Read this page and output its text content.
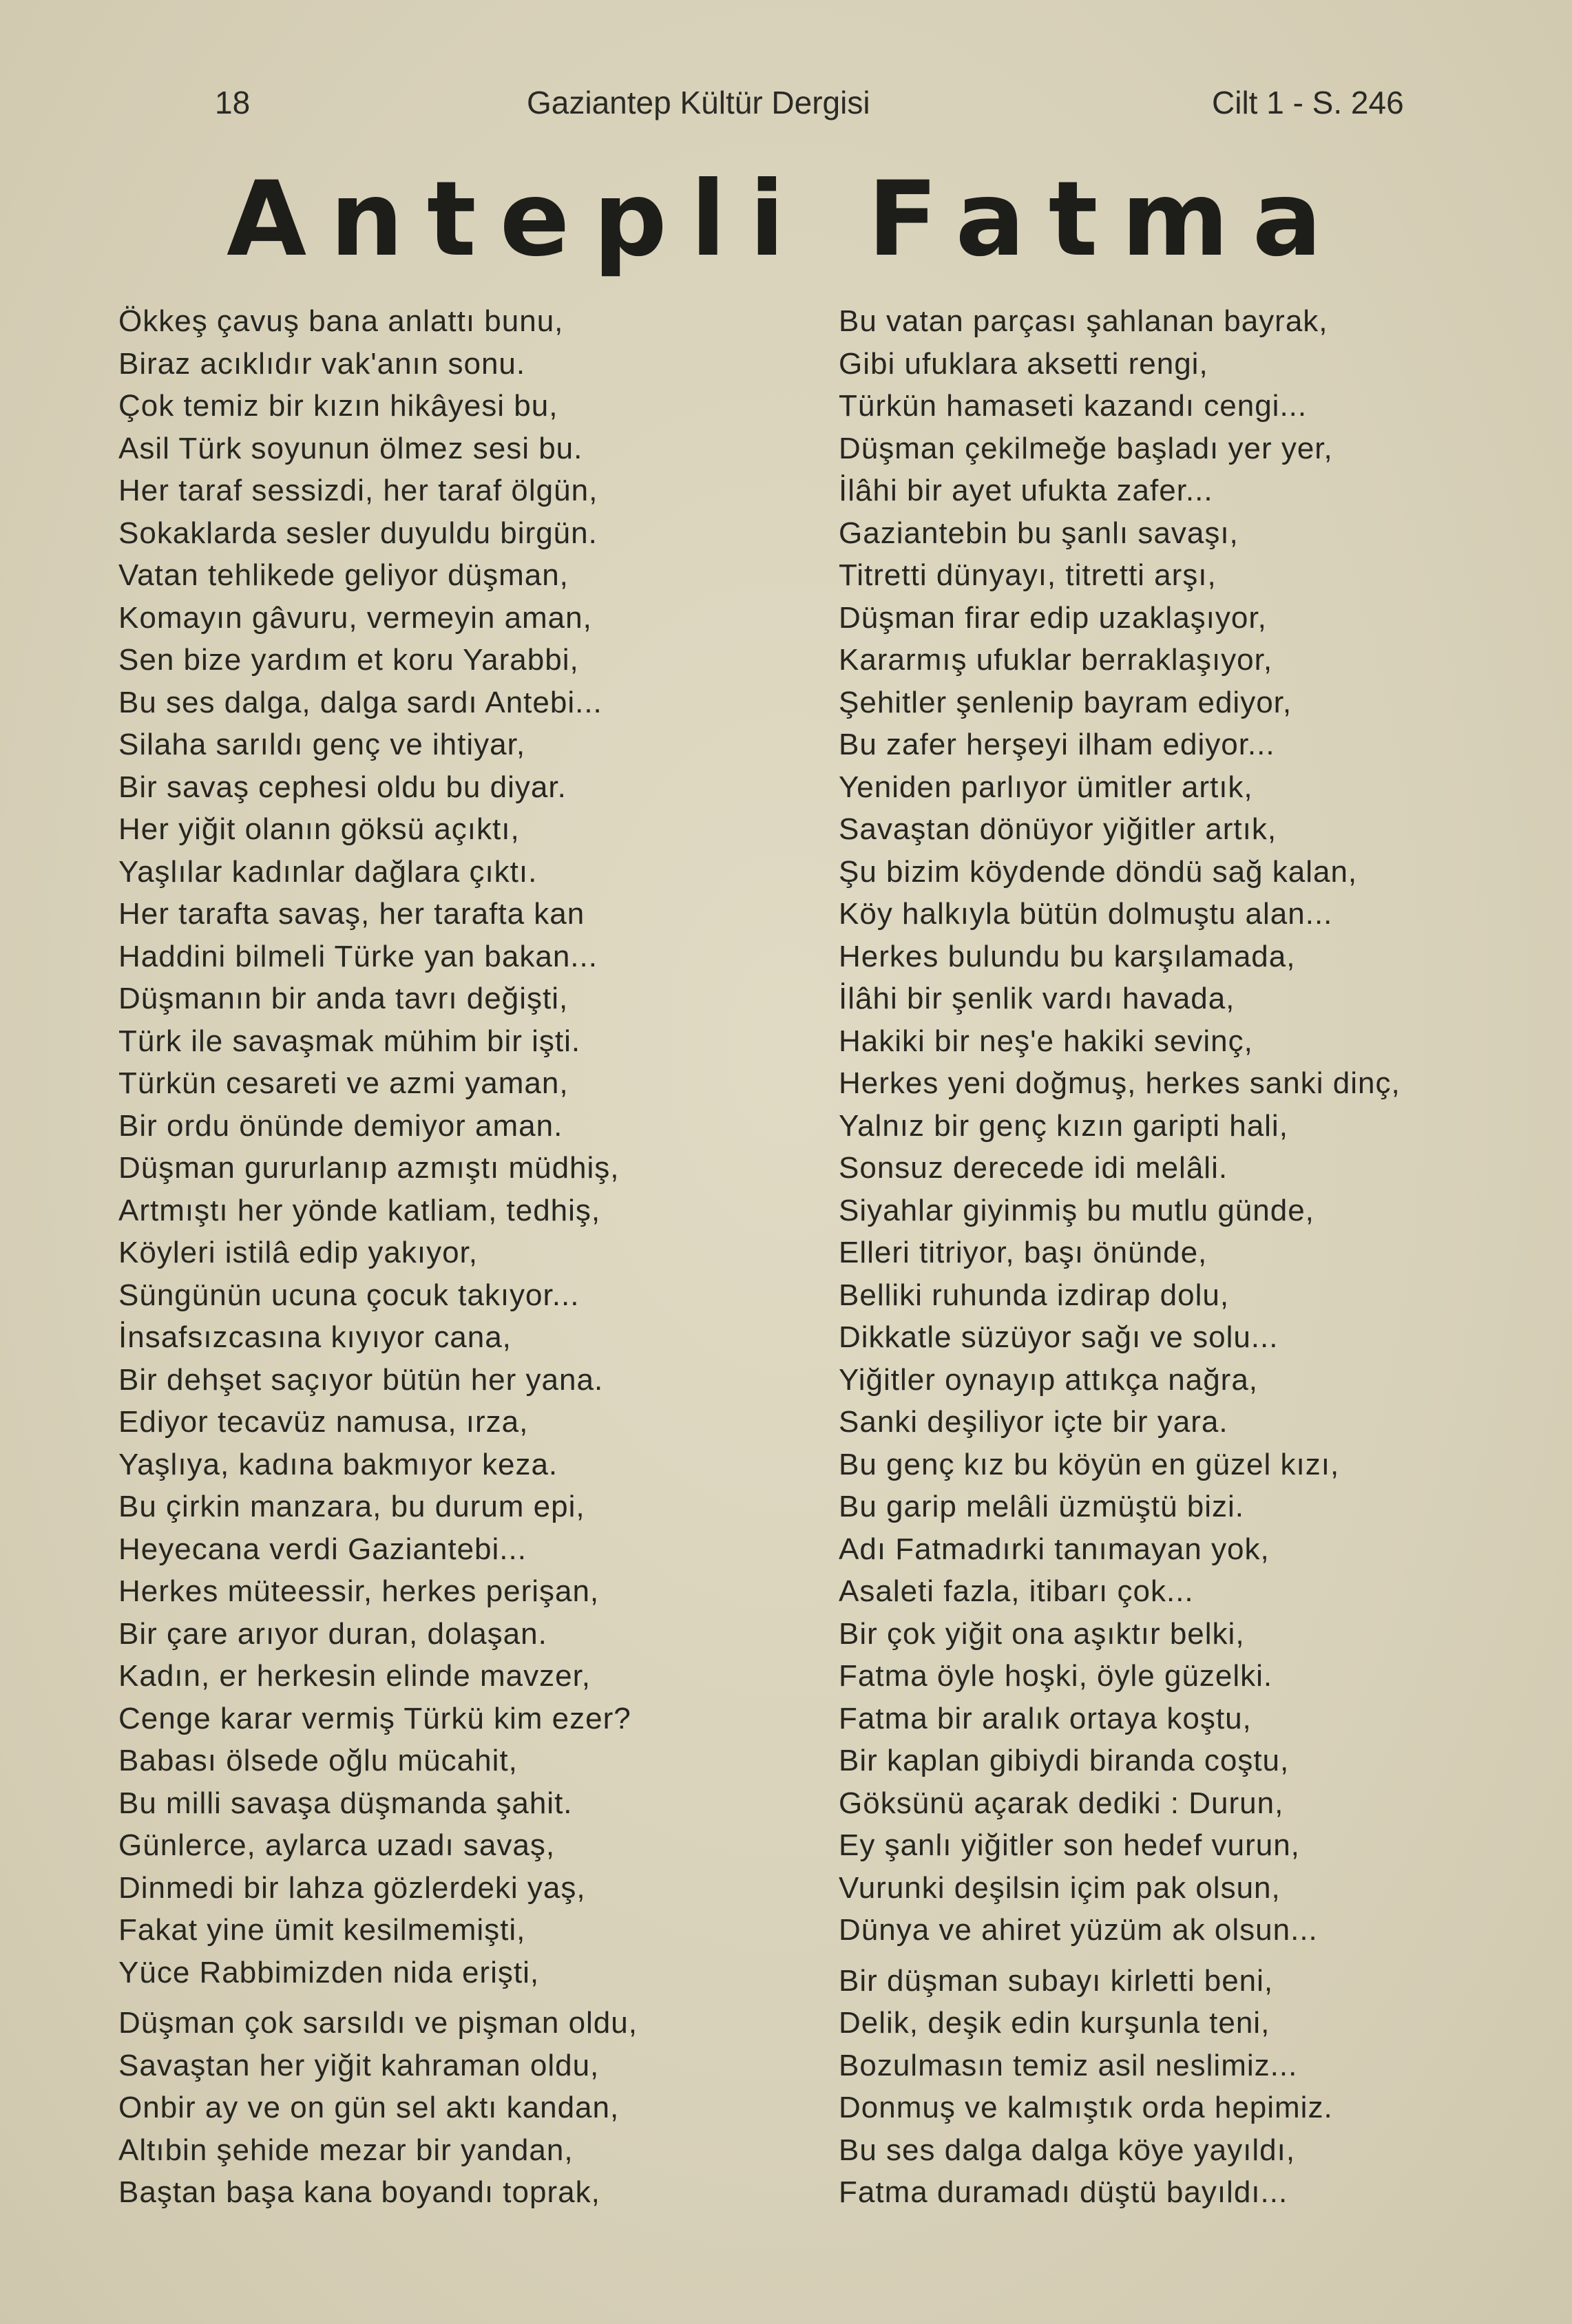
18	Gaziantep Kültür Dergisi	Cilt 1 - S. 246
Antepli Fatma
Ökkeş çavuş bana anlattı bunu,
Biraz acıklıdır vak'anın sonu.
Çok temiz bir kızın hikâyesi bu,
Asil Türk soyunun ölmez sesi bu.
Her taraf sessizdi, her taraf ölgün,
Sokaklarda sesler duyuldu birgün.
Vatan tehlikede geliyor düşman,
Komayın gâvuru, vermeyin aman,
Sen bize yardım et koru Yarabbi,
Bu ses dalga, dalga sardı Antebi...
Silaha sarıldı genç ve ihtiyar,
Bir savaş cephesi oldu bu diyar.
Her yiğit olanın göksü açıktı,
Yaşlılar kadınlar dağlara çıktı.
Her tarafta savaş, her tarafta kan
Haddini bilmeli Türke yan bakan...
Düşmanın bir anda tavrı değişti,
Türk ile savaşmak mühim bir işti.
Türkün cesareti ve azmi yaman,
Bir ordu önünde demiyor aman.
Düşman gururlanıp azmıştı müdhiş,
Artmıştı her yönde katliam, tedhiş,
Köyleri istilâ edip yakıyor,
Süngünün ucuna çocuk takıyor...
İnsafsızcasına kıyıyor cana,
Bir dehşet saçıyor bütün her yana.
Ediyor tecavüz namusa, ırza,
Yaşlıya, kadına bakmıyor keza.
Bu çirkin manzara, bu durum epi,
Heyecana verdi Gaziantebi...
Herkes müteessir, herkes perişan,
Bir çare arıyor duran, dolaşan.
Kadın, er herkesin elinde mavzer,
Cenge karar vermiş Türkü kim ezer?
Babası ölsede oğlu mücahit,
Bu milli savaşa düşmanda şahit.
Günlerce, aylarca uzadı savaş,
Dinmedi bir lahza gözlerdeki yaş,
Fakat yine ümit kesilmemişti,
Yüce Rabbimizden nida erişti,
Düşman çok sarsıldı ve pişman oldu,
Savaştan her yiğit kahraman oldu,
Onbir ay ve on gün sel aktı kandan,
Altıbin şehide mezar bir yandan,
Baştan başa kana boyandı toprak,
Bu vatan parçası şahlanan bayrak,
Gibi ufuklara aksetti rengi,
Türkün hamaseti kazandı cengi...
Düşman çekilmeğe başladı yer yer,
İlâhi bir ayet ufukta zafer...
Gaziantebin bu şanlı savaşı,
Titretti dünyayı, titretti arşı,
Düşman firar edip uzaklaşıyor,
Kararmış ufuklar berraklaşıyor,
Şehitler şenlenip bayram ediyor,
Bu zafer herşeyi ilham ediyor...
Yeniden parlıyor ümitler artık,
Savaştan dönüyor yiğitler artık,
Şu bizim köydende döndü sağ kalan,
Köy halkıyla bütün dolmuştu alan...
Herkes bulundu bu karşılamada,
İlâhi bir şenlik vardı havada,
Hakiki bir neş'e hakiki sevinç,
Herkes yeni doğmuş, herkes sanki dinç,
Yalnız bir genç kızın garipti hali,
Sonsuz derecede idi melâli.
Siyahlar giyinmiş bu mutlu günde,
Elleri titriyor, başı önünde,
Belliki ruhunda izdirap dolu,
Dikkatle süzüyor sağı ve solu...
Yiğitler oynayıp attıkça nağra,
Sanki deşiliyor içte bir yara.
Bu genç kız bu köyün en güzel kızı,
Bu garip melâli üzmüştü bizi.
Adı Fatmadırki tanımayan yok,
Asaleti fazla, itibarı çok...
Bir çok yiğit ona aşıktır belki,
Fatma öyle hoşki, öyle güzelki.
Fatma bir aralık ortaya koştu,
Bir kaplan gibiydi biranda coştu,
Göksünü açarak dediki : Durun,
Ey şanlı yiğitler son hedef vurun,
Vurunki deşilsin içim pak olsun,
Dünya ve ahiret yüzüm ak olsun...
Bir düşman subayı kirletti beni,
Delik, deşik edin kurşunla teni,
Bozulmasın temiz asil neslimiz...
Donmuş ve kalmıştık orda hepimiz.
Bu ses dalga dalga köye yayıldı,
Fatma duramadı düştü bayıldı...
